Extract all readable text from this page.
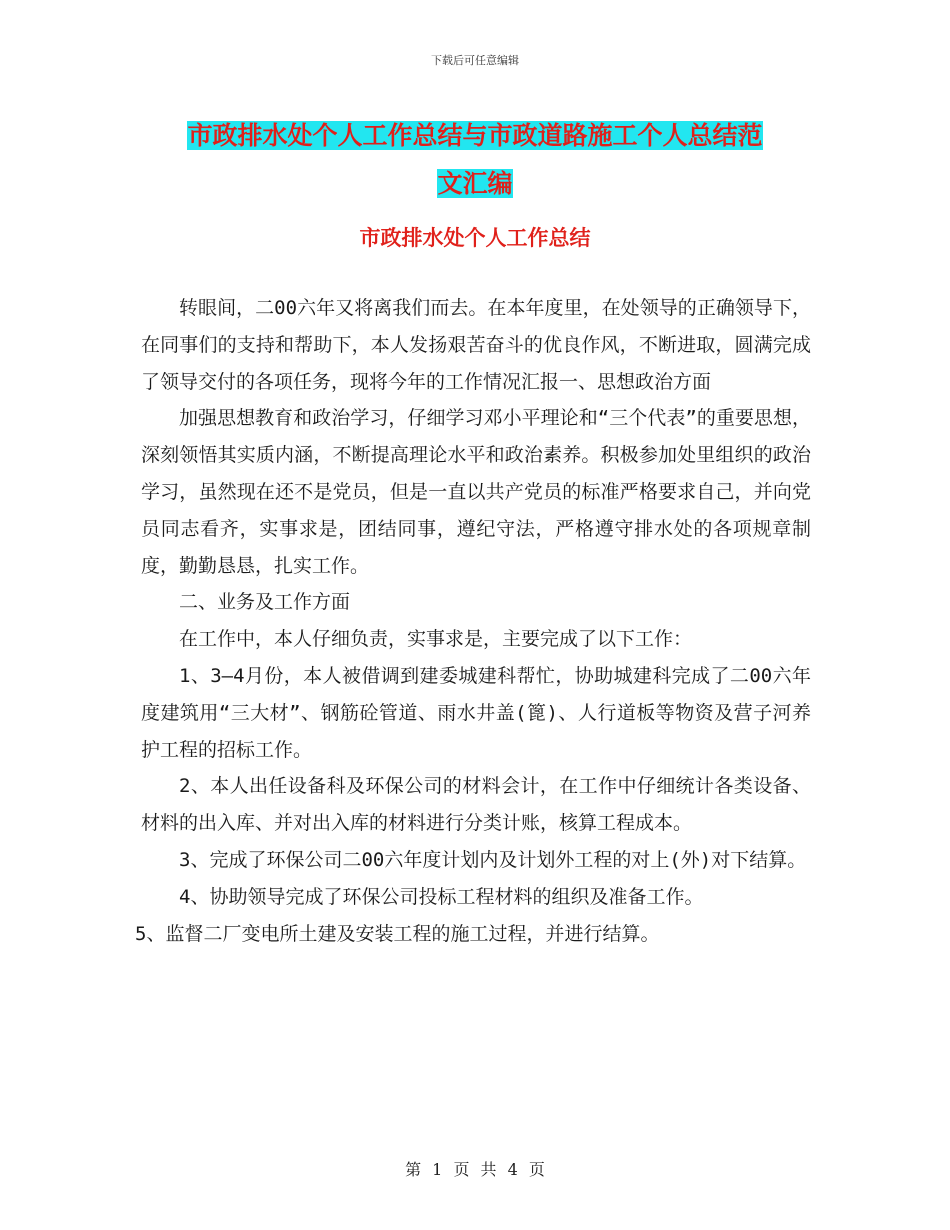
下载后可任意编辑
市政排水处个人工作总结与市政道路施工个人总结范
文汇编
市政排水处个人工作总结

转眼间，二00六年又将离我们而去。在本年度里，在处领导的正确领导下，在同事们的支持和帮助下，本人发扬艰苦奋斗的优良作风，不断进取，圆满完成了领导交付的各项任务，现将今年的工作情况汇报一、思想政治方面

加强思想教育和政治学习，仔细学习邓小平理论和“三个代表”的重要思想，深刻领悟其实质内涵，不断提高理论水平和政治素养。积极参加处里组织的政治学习，虽然现在还不是党员，但是一直以共产党员的标准严格要求自己，并向党员同志看齐，实事求是，团结同事，遵纪守法，严格遵守排水处的各项规章制度，勤勤恳恳，扎实工作。

二、业务及工作方面

在工作中，本人仔细负责，实事求是，主要完成了以下工作：

1、3—4月份，本人被借调到建委城建科帮忙，协助城建科完成了二00六年度建筑用“三大材”、钢筋砼管道、雨水井盖(篦)、人行道板等物资及营子河养护工程的招标工作。

2、本人出任设备科及环保公司的材料会计，在工作中仔细统计各类设备、材料的出入库、并对出入库的材料进行分类计账，核算工程成本。

3、完成了环保公司二00六年度计划内及计划外工程的对上(外)对下结算。

4、协助领导完成了环保公司投标工程材料的组织及准备工作。

5、监督二厂变电所土建及安装工程的施工过程，并进行结算。

第 1 页 共 4 页
